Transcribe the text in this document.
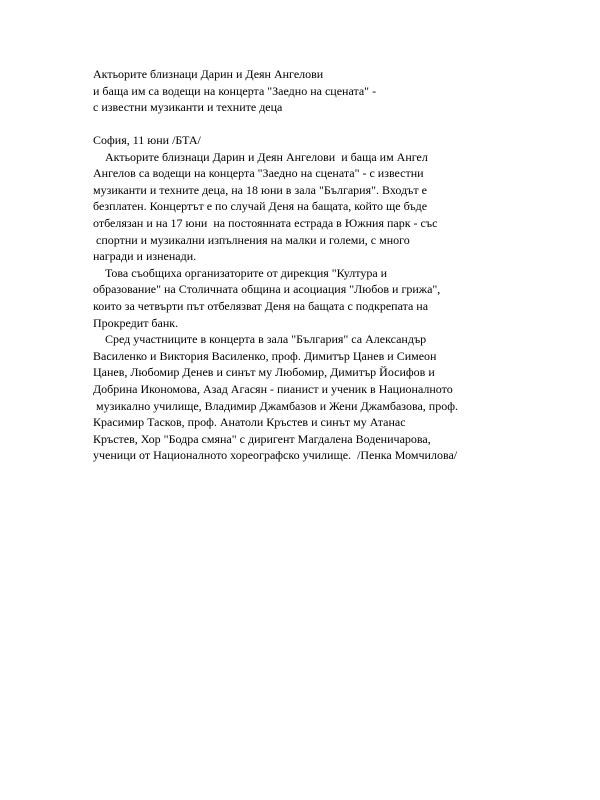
Актьорите близнаци Дарин и Деян Ангелови
и баща им са водещи на концерта "Заедно на сцената" -
с известни музиканти и техните деца
София, 11 юни /БТА/
Актьорите близнаци Дарин и Деян Ангелови  и баща им Ангел
Ангелов са водещи на концерта "Заедно на сцената" - с известни
музиканти и техните деца, на 18 юни в зала "България". Входът е
безплатен. Концертът е по случай Деня на бащата, който ще бъде
отбелязан и на 17 юни  на постоянната естрада в Южния парк - със
спортни и музикални изпълнения на малки и големи, с много
награди и изненади.
Това съобщиха организаторите от дирекция "Култура и
образование" на Столичната община и асоциация "Любов и грижа",
които за четвърти път отбелязват Деня на бащата с подкрепата на
Прокредит банк.
Сред участниците в концерта в зала "България" са Александър
Василенко и Виктория Василенко, проф. Димитър Цанев и Симеон
Цанев, Любомир Денев и синът му Любомир, Димитър Йосифов и
Добрина Икономова, Азад Агасян - пианист и ученик в Националното
музикално училище, Владимир Джамбазов и Жени Джамбазова, проф.
Красимир Тасков, проф. Анатоли Кръстев и синът му Атанас
Кръстев, Хор "Бодра смяна" с диригент Магдалена Воденичарова,
ученици от Националното хореографско училище.  /Пенка Момчилова/
